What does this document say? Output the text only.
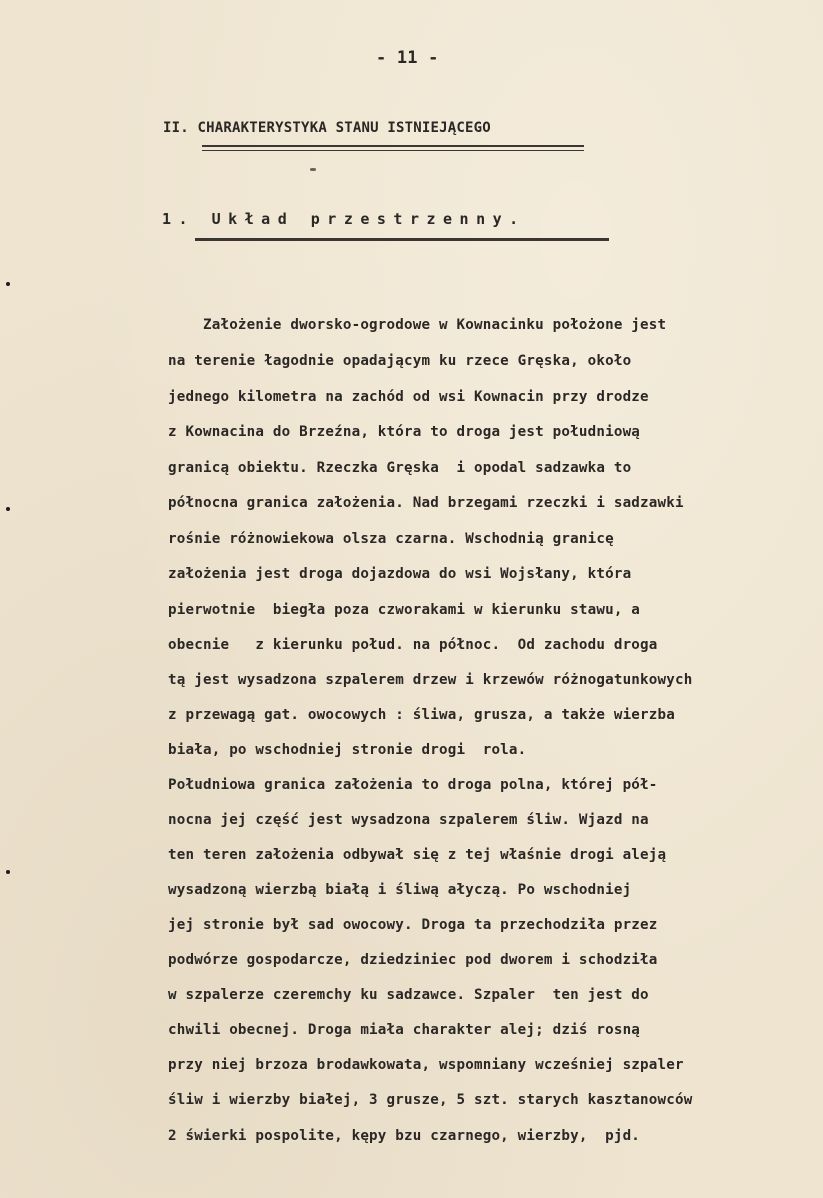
- 11 -
II. CHARAKTERYSTYKA STANU ISTNIEJĄCEGO
1. Układ przestrzenny.
Założenie dworsko-ogrodowe w Kownacinku położone jest
na terenie łagodnie opadającym ku rzece Gręska, około
jednego kilometra na zachód od wsi Kownacin przy drodze
z Kownacina do Brzeźna, która to droga jest południową
granicą obiektu. Rzeczka Gręska  i opodal sadzawka to
północna granica założenia. Nad brzegami rzeczki i sadzawki
rośnie różnowiekowa olsza czarna. Wschodnią granicę
założenia jest droga dojazdowa do wsi Wojsłany, która
pierwotnie  biegła poza czworakami w kierunku stawu, a
obecnie   z kierunku połud. na północ.  Od zachodu droga
tą jest wysadzona szpalerem drzew i krzewów różnogatunkowych
z przewagą gat. owocowych : śliwa, grusza, a także wierzba
biała, po wschodniej stronie drogi  rola.
Południowa granica założenia to droga polna, której pół-
nocna jej część jest wysadzona szpalerem śliw. Wjazd na
ten teren założenia odbywał się z tej właśnie drogi aleją
wysadzoną wierzbą białą i śliwą ałyczą. Po wschodniej
jej stronie był sad owocowy. Droga ta przechodziła przez
podwórze gospodarcze, dziedziniec pod dworem i schodziła
w szpalerze czeremchy ku sadzawce. Szpaler  ten jest do
chwili obecnej. Droga miała charakter alej; dziś rosną
przy niej brzoza brodawkowata, wspomniany wcześniej szpaler
śliw i wierzby białej, 3 grusze, 5 szt. starych kasztanowców
2 świerki pospolite, kępy bzu czarnego, wierzby,  pjd.
